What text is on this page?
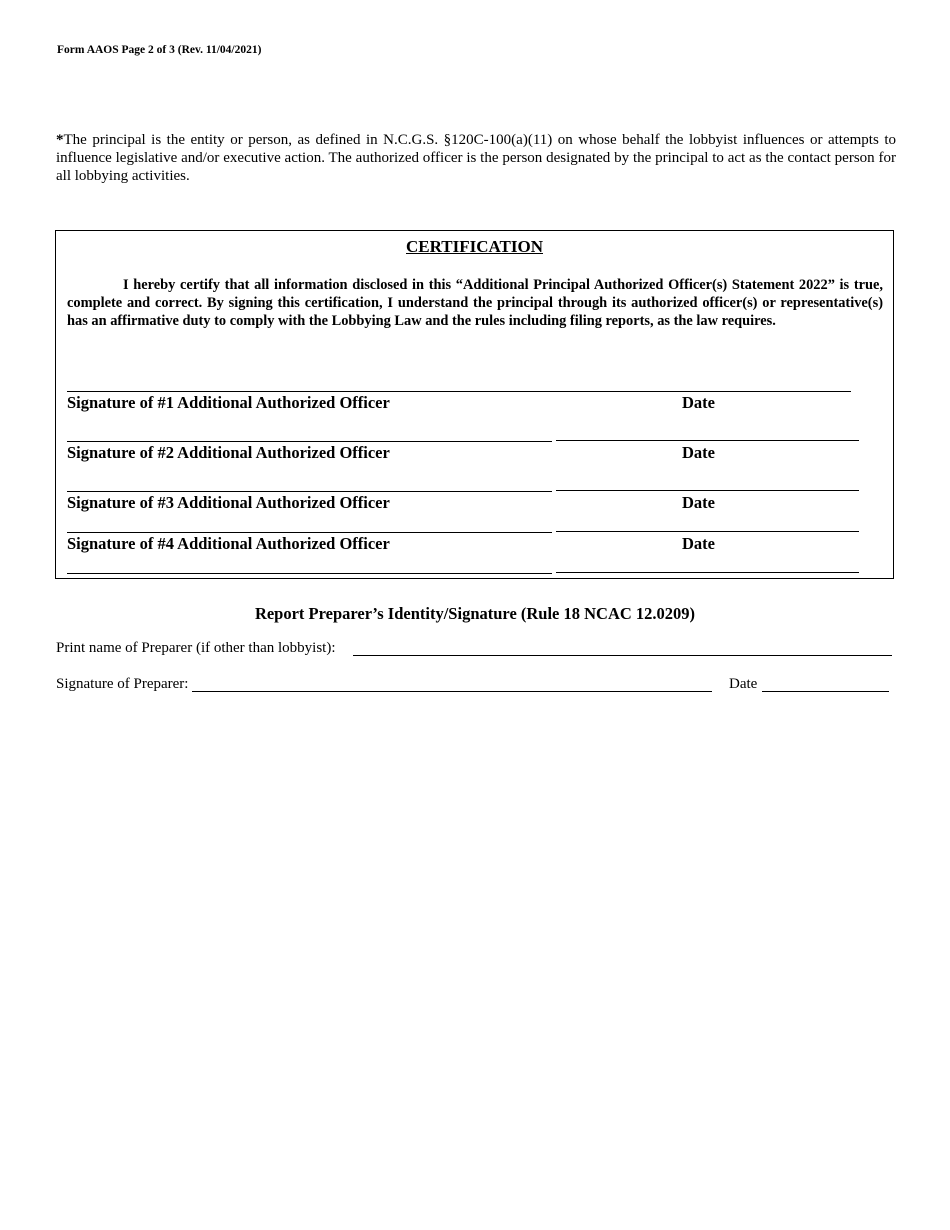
Form AAOS Page 2 of 3 (Rev. 11/04/2021)
*The principal is the entity or person, as defined in N.C.G.S. §120C-100(a)(11) on whose behalf the lobbyist influences or attempts to influence legislative and/or executive action. The authorized officer is the person designated by the principal to act as the contact person for all lobbying activities.
CERTIFICATION
I hereby certify that all information disclosed in this “Additional Principal Authorized Officer(s) Statement 2022” is true, complete and correct. By signing this certification, I understand the principal through its authorized officer(s) or representative(s) has an affirmative duty to comply with the Lobbying Law and the rules including filing reports, as the law requires.
Signature of #1 Additional Authorized Officer	Date
Signature of #2 Additional Authorized Officer	Date
Signature of #3 Additional Authorized Officer	Date
Signature of #4 Additional Authorized Officer	Date
Report Preparer’s Identity/Signature (Rule 18 NCAC 12.0209)
Print name of Preparer (if other than lobbyist):
Signature of Preparer:	Date
